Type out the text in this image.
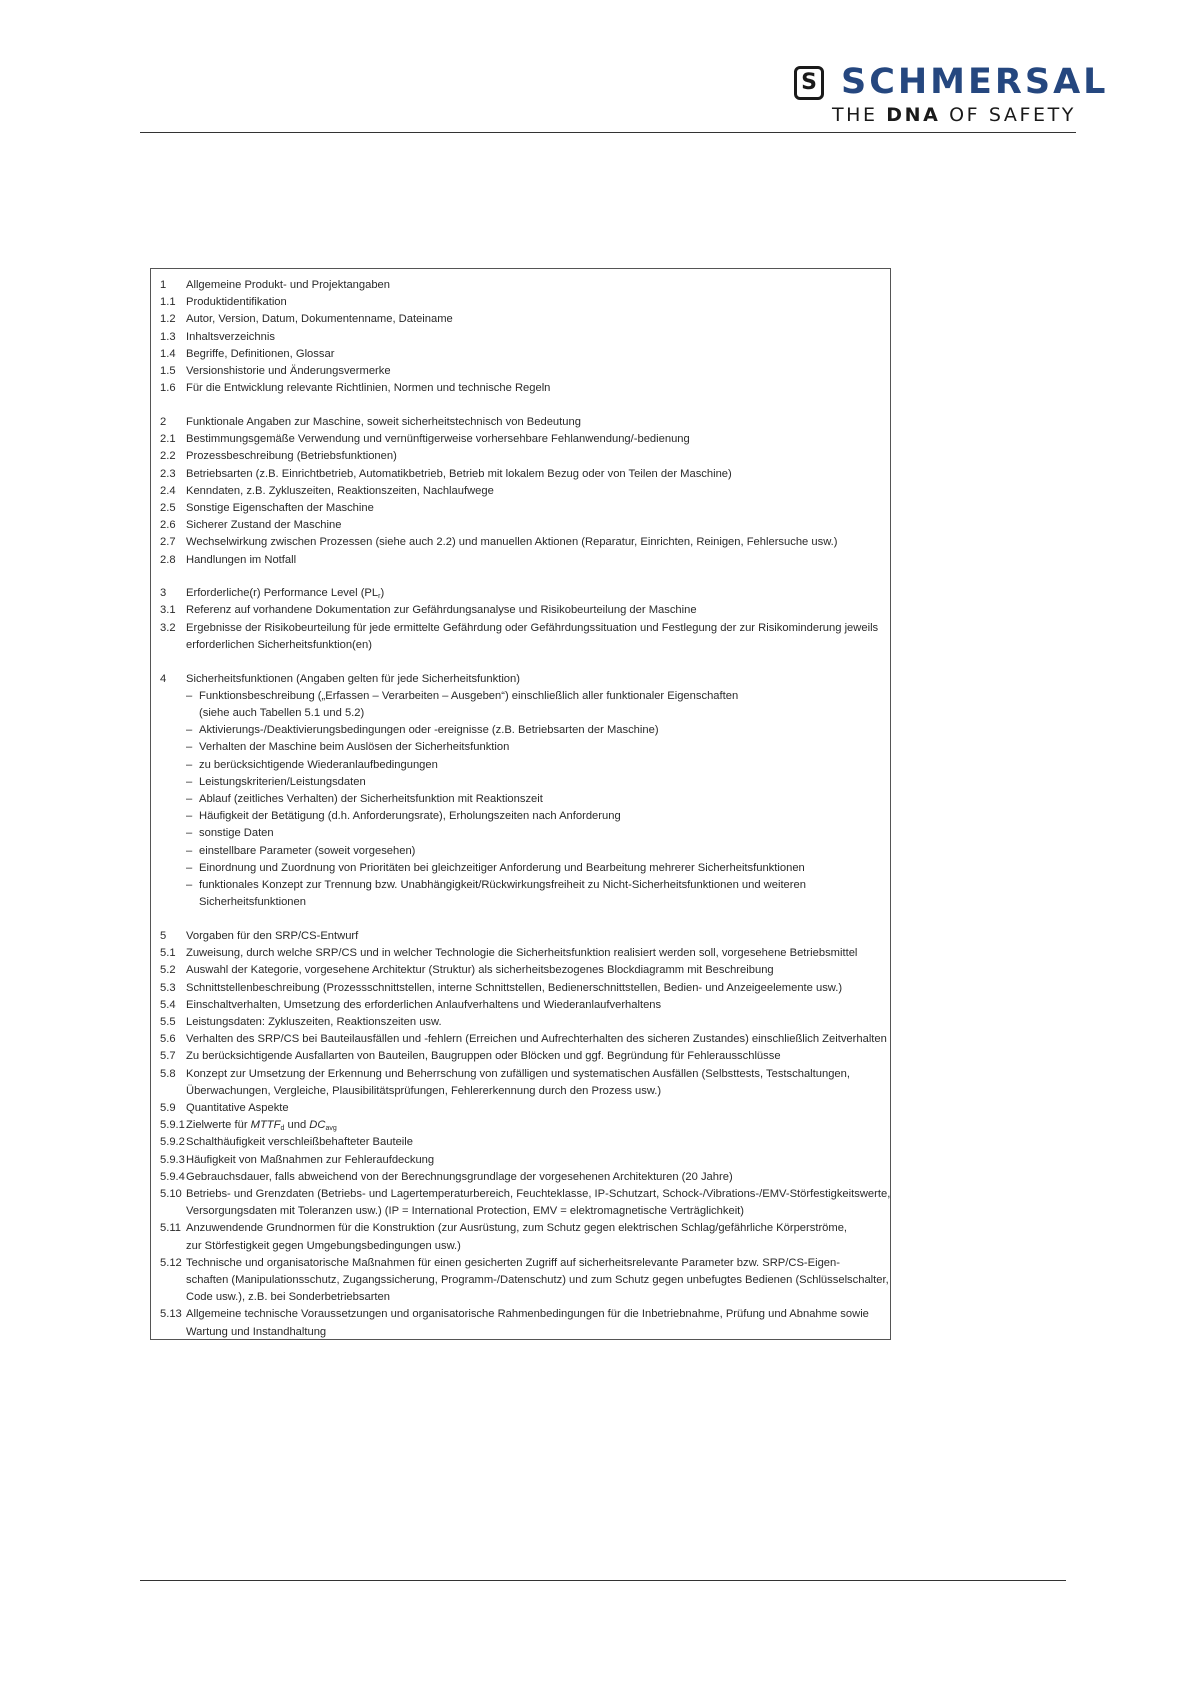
S SCHMERSAL
THE DNA OF SAFETY
1	Allgemeine Produkt- und Projektangaben
1.1 Produktidentifikation
1.2 Autor, Version, Datum, Dokumentenname, Dateiname
1.3 Inhaltsverzeichnis
1.4 Begriffe, Definitionen, Glossar
1.5 Versionshistorie und Änderungsvermerke
1.6 Für die Entwicklung relevante Richtlinien, Normen und technische Regeln
2	Funktionale Angaben zur Maschine, soweit sicherheitstechnisch von Bedeutung
2.1 Bestimmungsgemäße Verwendung und vernünftigerweise vorhersehbare Fehlanwendung/-bedienung
2.2 Prozessbeschreibung (Betriebsfunktionen)
2.3 Betriebsarten (z.B. Einrichtbetrieb, Automatikbetrieb, Betrieb mit lokalem Bezug oder von Teilen der Maschine)
2.4 Kenndaten, z.B. Zykluszeiten, Reaktionszeiten, Nachlaufwege
2.5 Sonstige Eigenschaften der Maschine
2.6 Sicherer Zustand der Maschine
2.7 Wechselwirkung zwischen Prozessen (siehe auch 2.2) und manuellen Aktionen (Reparatur, Einrichten, Reinigen, Fehlersuche usw.)
2.8 Handlungen im Notfall
3	Erforderliche(r) Performance Level $(PL_r)$
3.1 Referenz auf vorhandene Dokumentation zur Gefährdungsanalyse und Risikobeurteilung der Maschine
3.2 Ergebnisse der Risikobeurteilung für jede ermittelte Gefährdung oder Gefährdungssituation und Festlegung der zur Risikominderung jeweils
erforderlichen Sicherheitsfunktion(en)
4	Sicherheitsfunktionen (Angaben gelten für jede Sicherheitsfunktion)
– Funktionsbeschreibung („Erfassen – Verarbeiten – Ausgeben“) einschließlich aller funktionaler Eigenschaften
(siehe auch Tabellen 5.1 und 5.2)
– Aktivierungs-/Deaktivierungsbedingungen oder -ereignisse (z.B. Betriebsarten der Maschine)
– Verhalten der Maschine beim Auslösen der Sicherheitsfunktion
– zu berücksichtigende Wiederanlaufbedingungen
– Leistungskriterien/Leistungsdaten
– Ablauf (zeitliches Verhalten) der Sicherheitsfunktion mit Reaktionszeit
– Häufigkeit der Betätigung (d.h. Anforderungsrate), Erholungszeiten nach Anforderung
– sonstige Daten
– einstellbare Parameter (soweit vorgesehen)
– Einordnung und Zuordnung von Prioritäten bei gleichzeitiger Anforderung und Bearbeitung mehrerer Sicherheitsfunktionen
– funktionales Konzept zur Trennung bzw. Unabhängigkeit/Rückwirkungsfreiheit zu Nicht-Sicherheitsfunktionen und weiteren
Sicherheitsfunktionen
5	Vorgaben für den SRP/CS-Entwurf
5.1 Zuweisung, durch welche SRP/CS und in welcher Technologie die Sicherheitsfunktion realisiert werden soll, vorgesehene Betriebsmittel
5.2 Auswahl der Kategorie, vorgesehene Architektur (Struktur) als sicherheitsbezogenes Blockdiagramm mit Beschreibung
5.3 Schnittstellenbeschreibung (Prozessschnittstellen, interne Schnittstellen, Bedienerschnittstellen, Bedien- und Anzeigeelemente usw.)
5.4 Einschaltverhalten, Umsetzung des erforderlichen Anlaufverhaltens und Wiederanlaufverhaltens
5.5 Leistungsdaten: Zykluszeiten, Reaktionszeiten usw.
5.6 Verhalten des SRP/CS bei Bauteilausfällen und -fehlern (Erreichen und Aufrechterhalten des sicheren Zustandes) einschließlich Zeitverhalten
5.7 Zu berücksichtigende Ausfallarten von Bauteilen, Baugruppen oder Blöcken und ggf. Begründung für Fehlerausschlüsse
5.8 Konzept zur Umsetzung der Erkennung und Beherrschung von zufälligen und systematischen Ausfällen (Selbsttests, Testschaltungen,
Überwachungen, Vergleiche, Plausibilitätsprüfungen, Fehlererkennung durch den Prozess usw.)
5.9 Quantitative Aspekte
5.9.1 Zielwerte für $MTTF_d$ und $DC_{avg}$
5.9.2 Schalthäufigkeit verschleißbehafteter Bauteile
5.9.3 Häufigkeit von Maßnahmen zur Fehleraufdeckung
5.9.4 Gebrauchsdauer, falls abweichend von der Berechnungsgrundlage der vorgesehenen Architekturen (20 Jahre)
5.10 Betriebs- und Grenzdaten (Betriebs- und Lagertemperaturbereich, Feuchteklasse, IP-Schutzart, Schock-/Vibrations-/EMV-Störfestigkeitswerte,
Versorgungsdaten mit Toleranzen usw.) (IP = International Protection, EMV = elektromagnetische Verträglichkeit)
5.11 Anzuwendende Grundnormen für die Konstruktion (zur Ausrüstung, zum Schutz gegen elektrischen Schlag/gefährliche Körperströme,
zur Störfestigkeit gegen Umgebungsbedingungen usw.)
5.12 Technische und organisatorische Maßnahmen für einen gesicherten Zugriff auf sicherheitsrelevante Parameter bzw. SRP/CS-Eigen-
schaften (Manipulationsschutz, Zugangssicherung, Programm-/Datenschutz) und zum Schutz gegen unbefugtes Bedienen (Schlüsselschalter,
Code usw.), z.B. bei Sonderbetriebsarten
5.13 Allgemeine technische Voraussetzungen und organisatorische Rahmenbedingungen für die Inbetriebnahme, Prüfung und Abnahme sowie
Wartung und Instandhaltung
